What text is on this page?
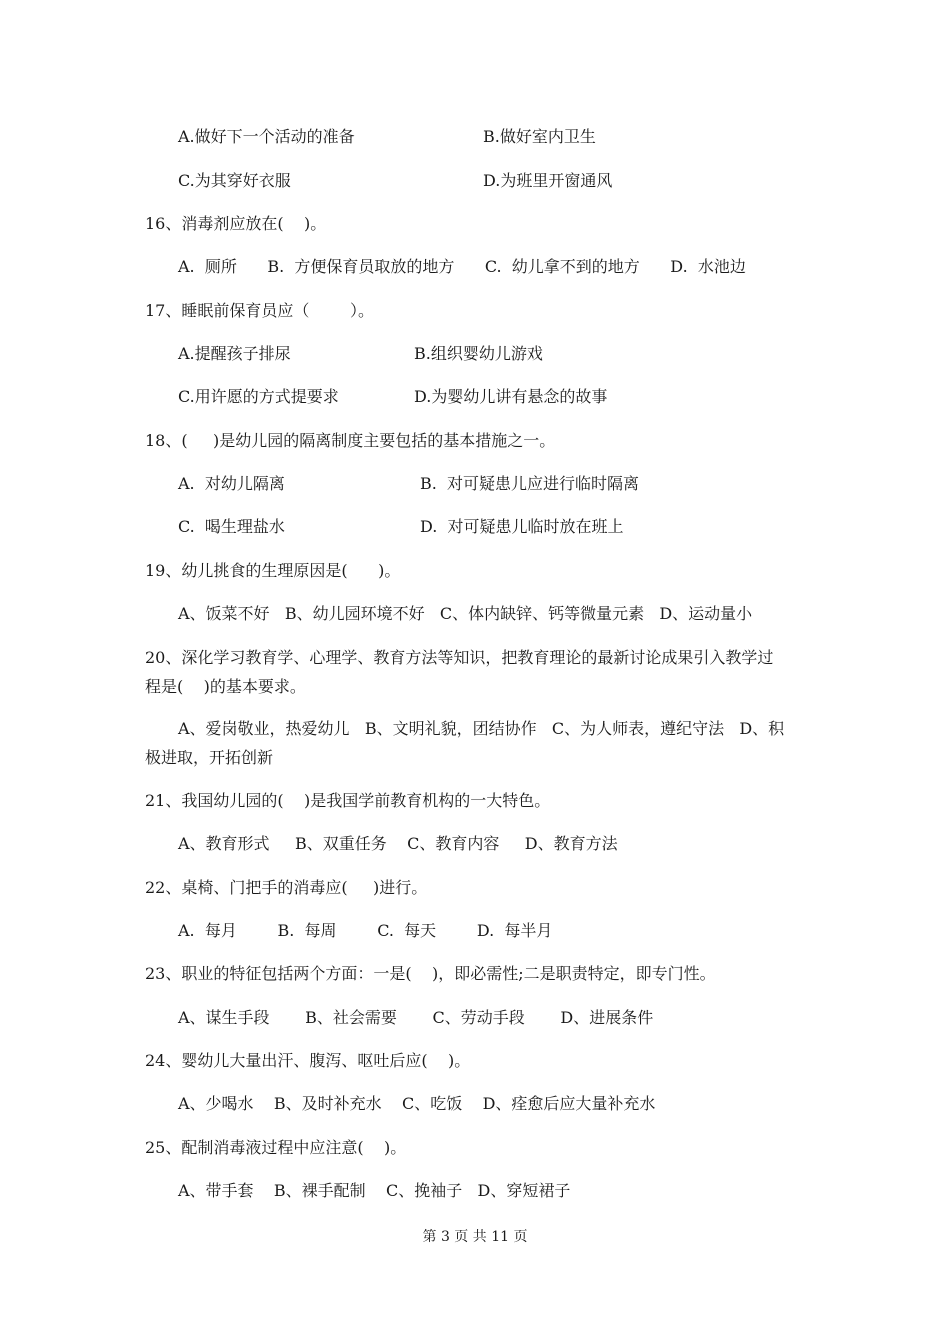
A.做好下一个活动的准备	B.做好室内卫生
C.为其穿好衣服	D.为班里开窗通风
16、消毒剂应放在(    )。
A.  厕所      B.  方便保育员取放的地方      C.  幼儿拿不到的地方      D.  水池边
17、睡眠前保育员应（        ）。
A.提醒孩子排尿	B.组织婴幼儿游戏
C.用许愿的方式提要求	D.为婴幼儿讲有悬念的故事
18、(     )是幼儿园的隔离制度主要包括的基本措施之一。
A.  对幼儿隔离	B.  对可疑患儿应进行临时隔离
C.  喝生理盐水	D.  对可疑患儿临时放在班上
19、幼儿挑食的生理原因是(      )。
A、饭菜不好   B、幼儿园环境不好   C、体内缺锌、钙等微量元素   D、运动量小
20、深化学习教育学、心理学、教育方法等知识，把教育理论的最新讨论成果引入教学过
程是(    )的基本要求。
A、爱岗敬业，热爱幼儿   B、文明礼貌，团结协作   C、为人师表，遵纪守法   D、积
极进取，开拓创新
21、我国幼儿园的(    )是我国学前教育机构的一大特色。
A、教育形式     B、双重任务    C、教育内容     D、教育方法
22、桌椅、门把手的消毒应(     )进行。
A.  每月        B.  每周        C.  每天        D.  每半月
23、职业的特征包括两个方面：一是(    )，即必需性;二是职责特定，即专门性。
A、谋生手段       B、社会需要       C、劳动手段       D、进展条件
24、婴幼儿大量出汗、腹泻、呕吐后应(    )。
A、少喝水    B、及时补充水    C、吃饭    D、痊愈后应大量补充水
25、配制消毒液过程中应注意(    )。
A、带手套    B、裸手配制    C、挽袖子   D、穿短裙子
第 3 页 共 11 页
